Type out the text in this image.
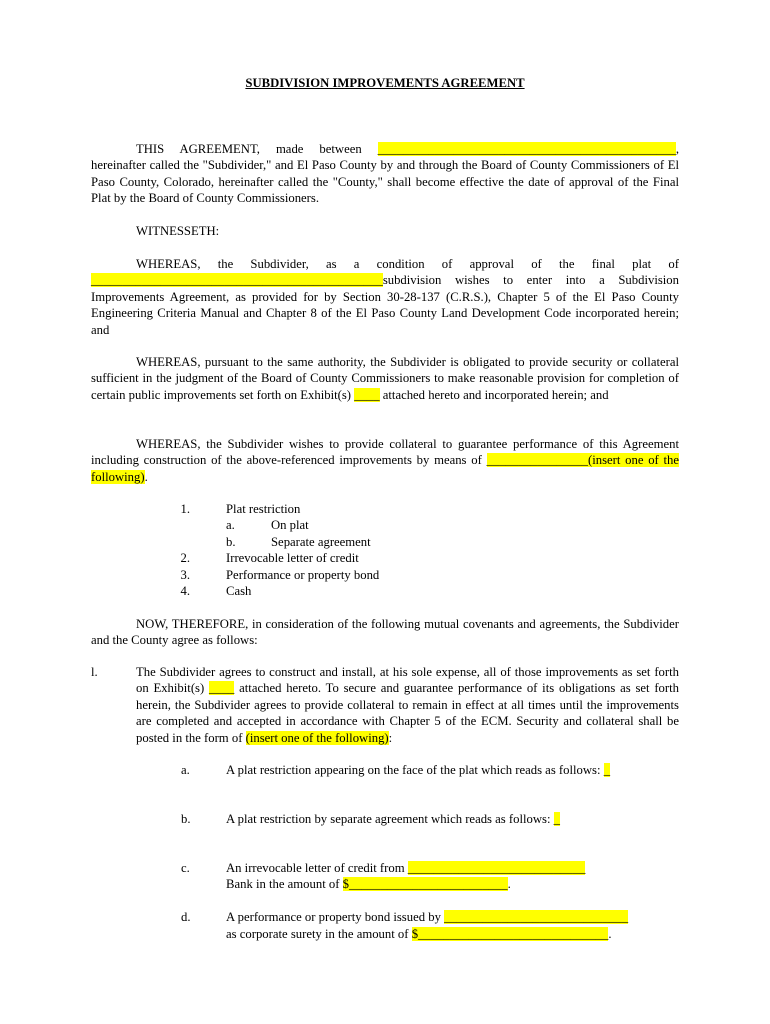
SUBDIVISION IMPROVEMENTS AGREEMENT
THIS AGREEMENT, made between _______________________________________________, hereinafter called the "Subdivider," and El Paso County by and through the Board of County Commissioners of El Paso County, Colorado, hereinafter called the "County," shall become effective the date of approval of the Final Plat by the Board of County Commissioners.
WITNESSETH:
WHEREAS, the Subdivider, as a condition of approval of the final plat of ______________________________________________subdivision wishes to enter into a Subdivision Improvements Agreement, as provided for by Section 30-28-137 (C.R.S.), Chapter 5 of the El Paso County Engineering Criteria Manual and Chapter 8 of the El Paso County Land Development Code incorporated herein; and
WHEREAS, pursuant to the same authority, the Subdivider is obligated to provide security or collateral sufficient in the judgment of the Board of County Commissioners to make reasonable provision for completion of certain public improvements set forth on Exhibit(s) ____ attached hereto and incorporated herein; and
WHEREAS, the Subdivider wishes to provide collateral to guarantee performance of this Agreement including construction of the above-referenced improvements by means of ________________(insert one of the following).
1.	Plat restriction
a.	On plat
b.	Separate agreement
2.	Irrevocable letter of credit
3.	Performance or property bond
4.	Cash
NOW, THEREFORE, in consideration of the following mutual covenants and agreements, the Subdivider and the County agree as follows:
l.	The Subdivider agrees to construct and install, at his sole expense, all of those improvements as set forth on Exhibit(s) ____ attached hereto. To secure and guarantee performance of its obligations as set forth herein, the Subdivider agrees to provide collateral to remain in effect at all times until the improvements are completed and accepted in accordance with Chapter 5 of the ECM. Security and collateral shall be posted in the form of (insert one of the following):
a.	A plat restriction appearing on the face of the plat which reads as follows: _
b.	A plat restriction by separate agreement which reads as follows: _
c.	An irrevocable letter of credit from ____________________________
Bank in the amount of $_________________________.
d.	A performance or property bond issued by _____________________________
as corporate surety in the amount of $______________________________.
